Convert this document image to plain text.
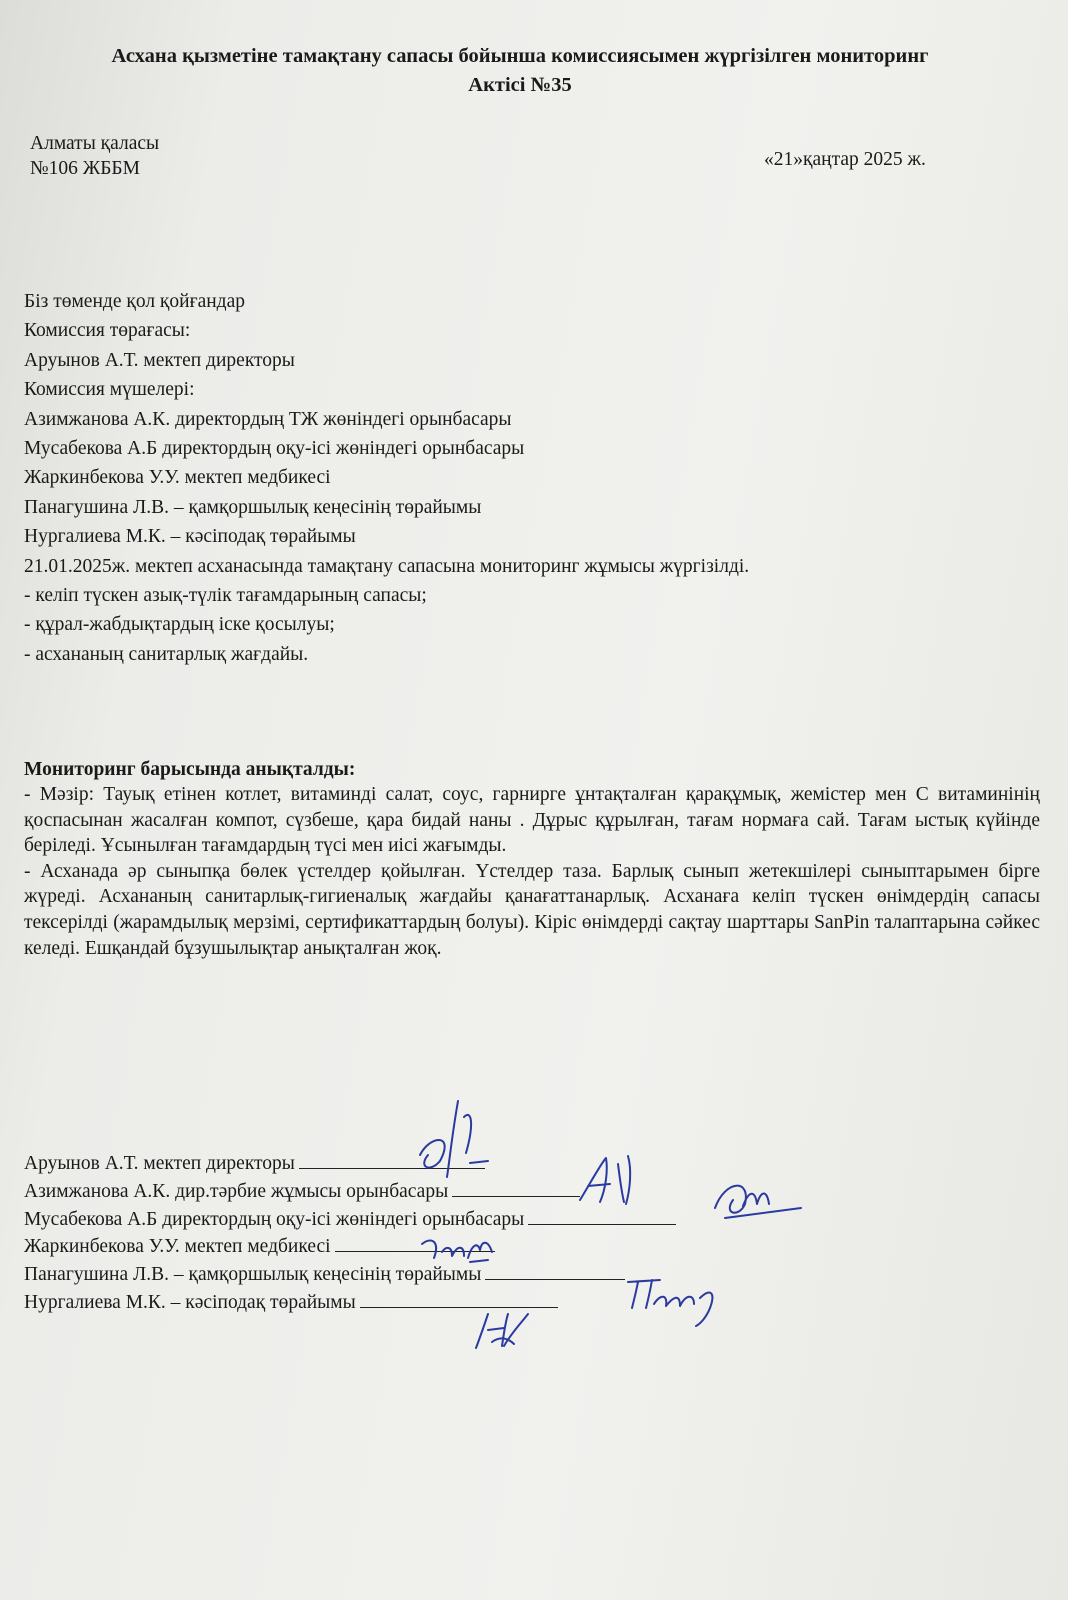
Асхана қызметіне тамақтану сапасы бойынша комиссиясымен жүргізілген мониторинг
Актісі №35
Алматы қаласы
№106 ЖББМ	«21»қаңтар 2025 ж.
Біз төменде қол қойғандар
Комиссия төрағасы:
Аруынов А.Т. мектеп директоры
Комиссия мүшелері:
Азимжанова А.К. директордың ТЖ жөніндегі орынбасары
Мусабекова А.Б директордың оқу-ісі жөніндегі орынбасары
Жаркинбекова У.У. мектеп медбикесі
Панагушина Л.В. – қамқоршылық кеңесінің төрайымы
Нургалиева М.К. – кәсіподақ төрайымы
21.01.2025ж. мектеп асханасында тамақтану сапасына мониторинг жұмысы жүргізілді.
- келіп түскен азық-түлік тағамдарының сапасы;
- құрал-жабдықтардың іске қосылуы;
- асхананың санитарлық жағдайы.
Мониторинг барысында анықталды:

- Мәзір: Тауық етінен котлет, витаминді салат, соус, гарнирге ұнтақталған қарақұмық, жемістер мен С витаминінің қоспасынан жасалған компот, сүзбеше, қара бидай наны . Дұрыс құрылған, тағам нормаға сай. Тағам ыстық күйінде беріледі. Ұсынылған тағамдардың түсі мен иісі жағымды.

- Асханада әр сыныпқа бөлек үстелдер қойылған. Үстелдер таза. Барлық сынып жетекшілері сыныптарымен бірге жүреді. Асхананың санитарлық-гигиеналық жағдайы қанағаттанарлық. Асханаға келіп түскен өнімдердің сапасы тексерілді (жарамдылық мерзімі, сертификаттардың болуы). Кіріс өнімдерді сақтау шарттары SanPin талаптарына сәйкес келеді. Ешқандай бұзушылықтар анықталған жоқ.

Аруынов А.Т. мектеп директоры
Азимжанова А.К. дир.тәрбие жұмысы орынбасары
Мусабекова А.Б директордың оқу-ісі жөніндегі орынбасары
Жаркинбекова У.У. мектеп медбикесі
Панагушина Л.В. – қамқоршылық кеңесінің төрайымы
Нургалиева М.К. – кәсіподақ төрайымы
